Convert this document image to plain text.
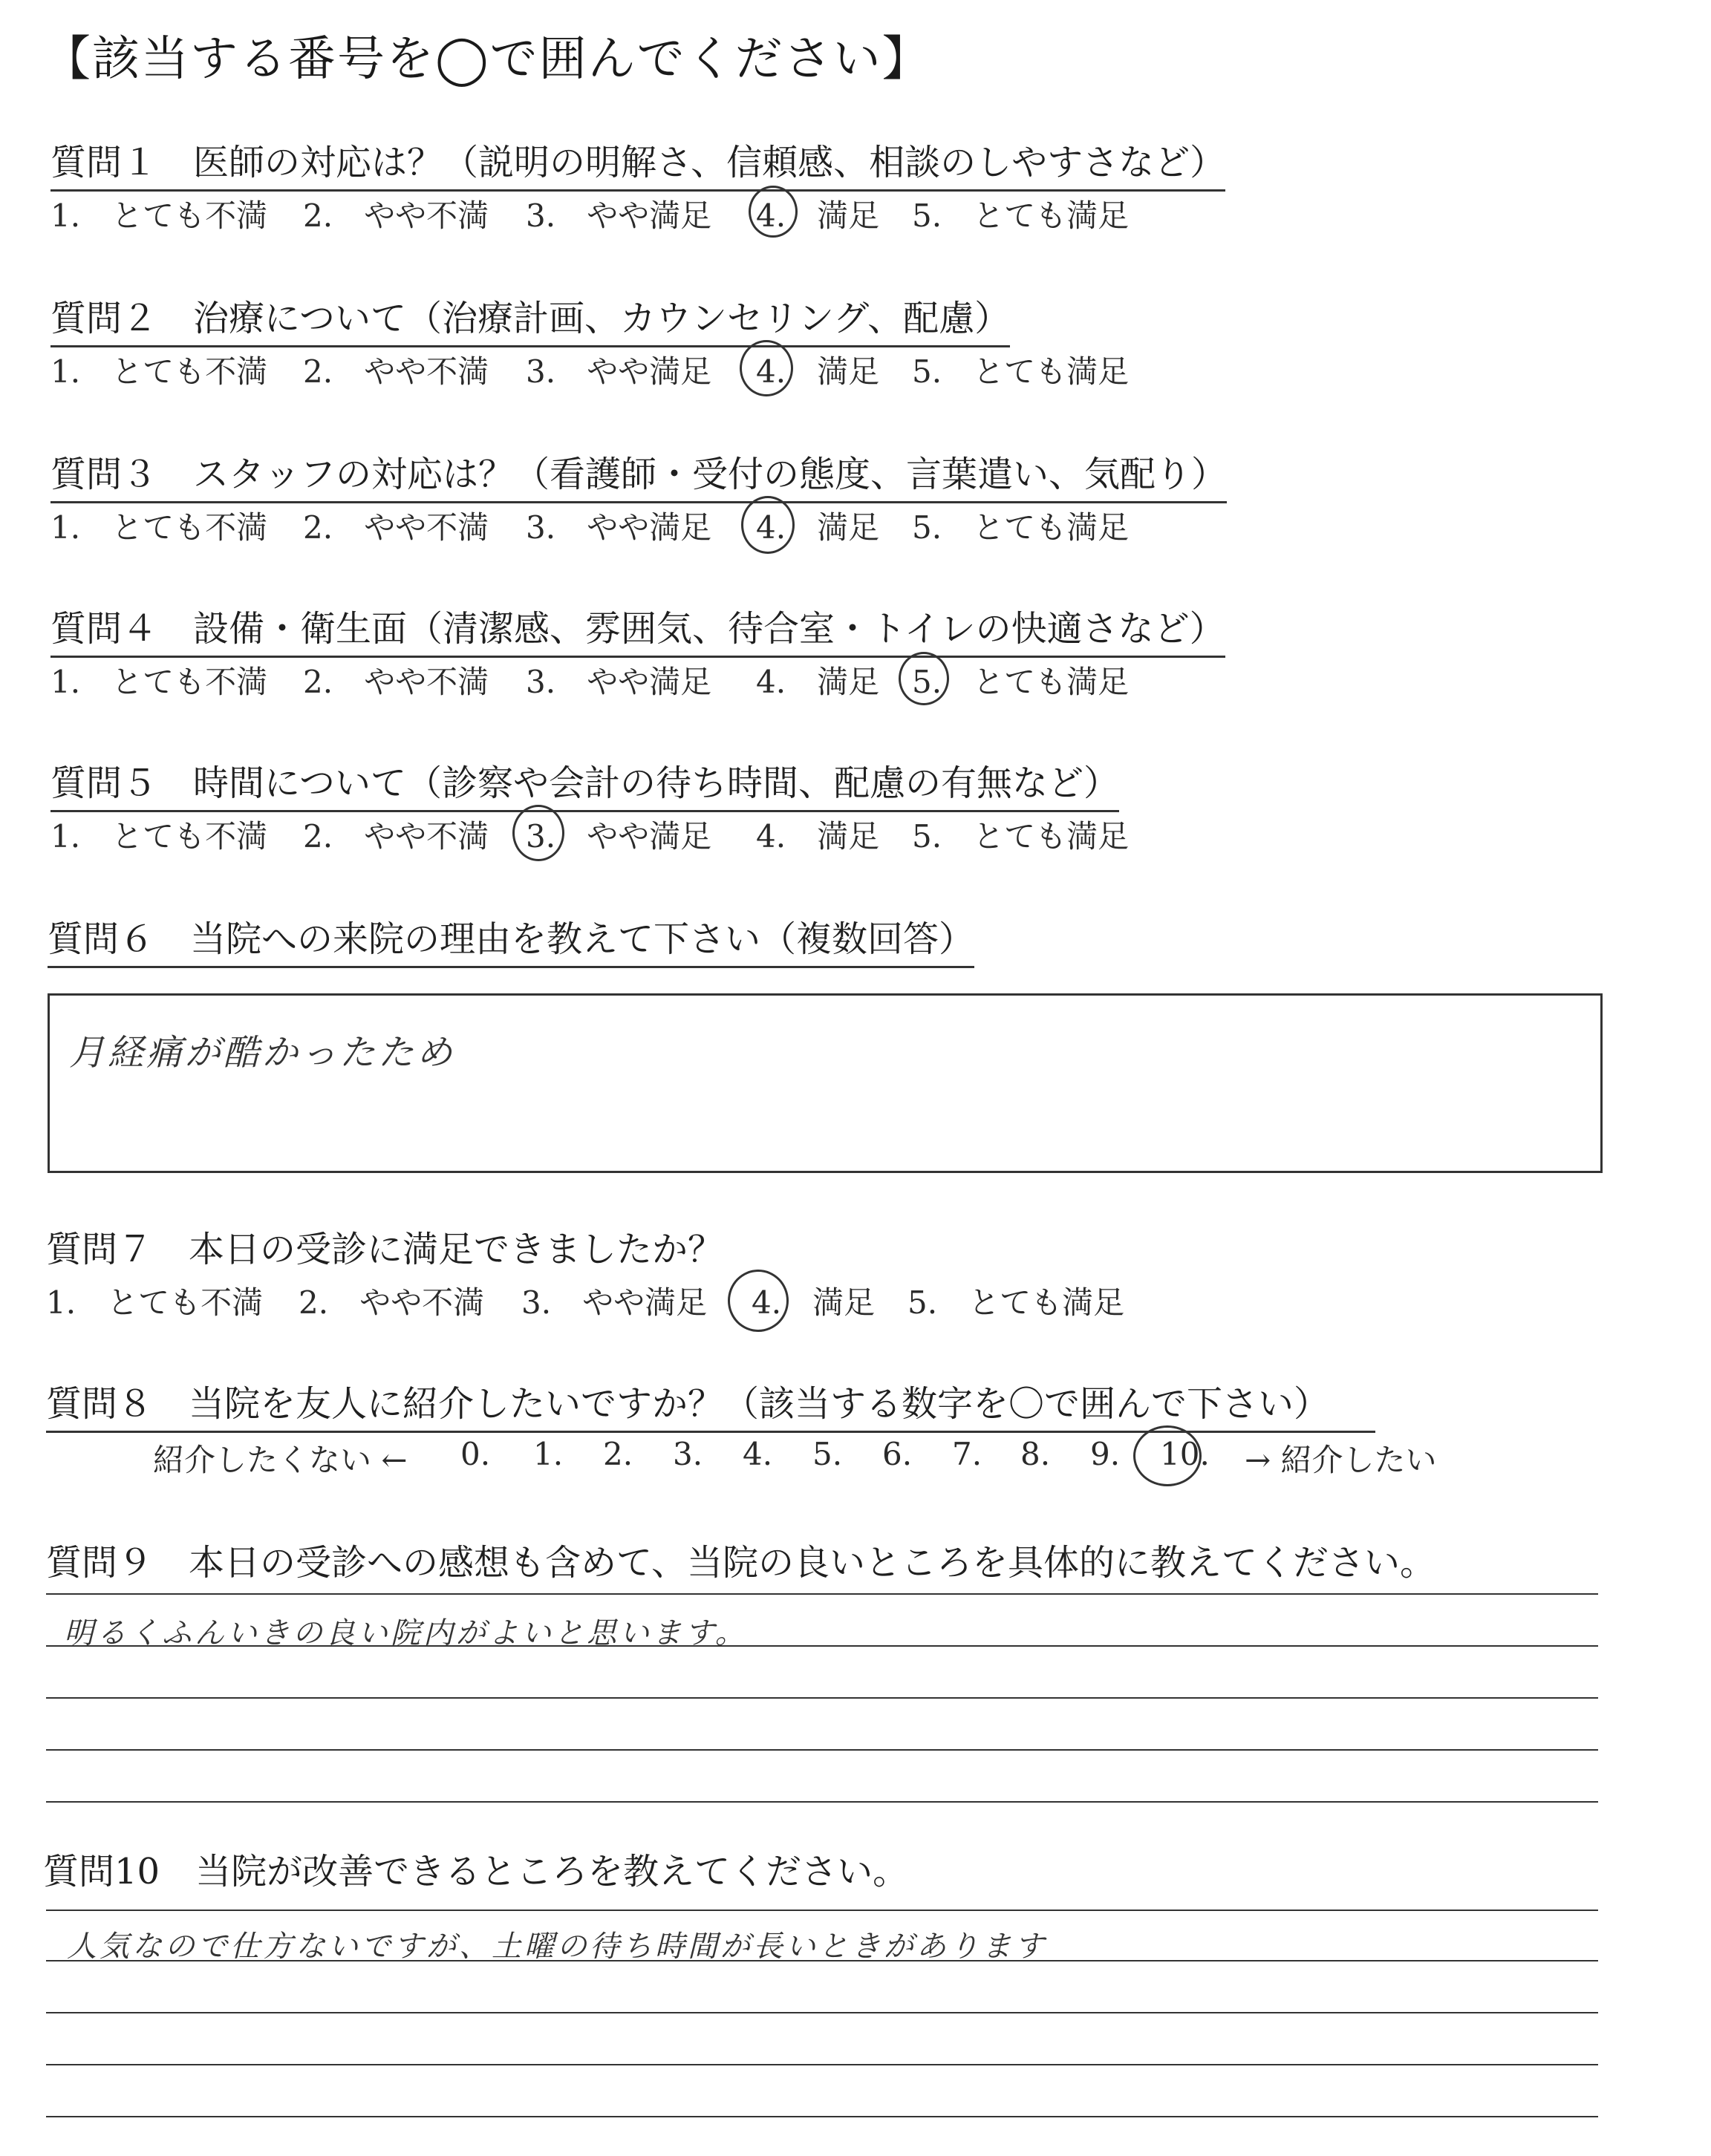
【該当する番号を◯で囲んでください】
質問１　医師の対応は？（説明の明解さ、信頼感、相談のしやすさなど）
1.　とても不満 2.　やや不満 3.　やや満足 4.　満足 5.　とても満足
質問２　治療について（治療計画、カウンセリング、配慮）
1.　とても不満 2.　やや不満 3.　やや満足 4.　満足 5.　とても満足
質問３　スタッフの対応は？（看護師・受付の態度、言葉遣い、気配り）
1.　とても不満 2.　やや不満 3.　やや満足 4.　満足 5.　とても満足
質問４　設備・衛生面（清潔感、雰囲気、待合室・トイレの快適さなど）
1.　とても不満 2.　やや不満 3.　やや満足 4.　満足 5.　とても満足
質問５　時間について（診察や会計の待ち時間、配慮の有無など）
1.　とても不満 2.　やや不満 3.　やや満足 4.　満足 5.　とても満足
質問６　当院への来院の理由を教えて下さい（複数回答）
月経痛が酷かったため
質問７　本日の受診に満足できましたか？
1.　とても不満 2.　やや不満 3.　やや満足 4.　満足 5.　とても満足
質問８　当院を友人に紹介したいですか？（該当する数字を〇で囲んで下さい）
紹介したくない ← 0. 1. 2. 3. 4. 5. 6. 7. 8. 9. 10. → 紹介したい
質問９　本日の受診への感想も含めて、当院の良いところを具体的に教えてください。
明るくふんいきの良い院内がよいと思います。
質問10　当院が改善できるところを教えてください。
人気なので仕方ないですが、土曜の待ち時間が長いときがあります
